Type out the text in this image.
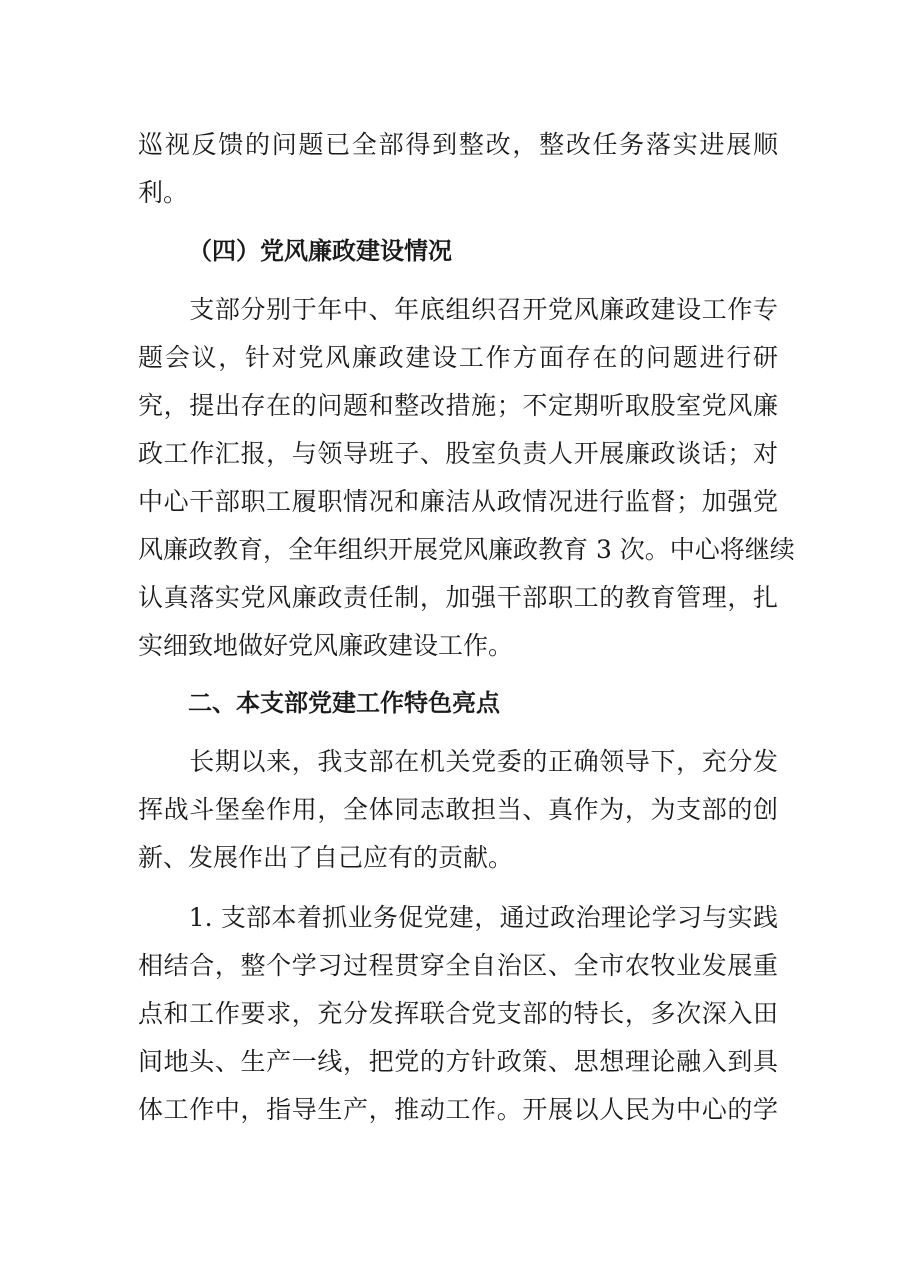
巡视反馈的问题已全部得到整改，整改任务落实进展顺
利。
（四）党风廉政建设情况
　　支部分别于年中、年底组织召开党风廉政建设工作专
题会议，针对党风廉政建设工作方面存在的问题进行研
究，提出存在的问题和整改措施；不定期听取股室党风廉
政工作汇报，与领导班子、股室负责人开展廉政谈话；对
中心干部职工履职情况和廉洁从政情况进行监督；加强党
风廉政教育，全年组织开展党风廉政教育 3 次。中心将继续
认真落实党风廉政责任制，加强干部职工的教育管理，扎
实细致地做好党风廉政建设工作。
二、本支部党建工作特色亮点
　　长期以来，我支部在机关党委的正确领导下，充分发
挥战斗堡垒作用，全体同志敢担当、真作为，为支部的创
新、发展作出了自己应有的贡献。
　　1. 支部本着抓业务促党建，通过政治理论学习与实践
相结合，整个学习过程贯穿全自治区、全市农牧业发展重
点和工作要求，充分发挥联合党支部的特长，多次深入田
间地头、生产一线，把党的方针政策、思想理论融入到具
体工作中，指导生产，推动工作。开展以人民为中心的学
